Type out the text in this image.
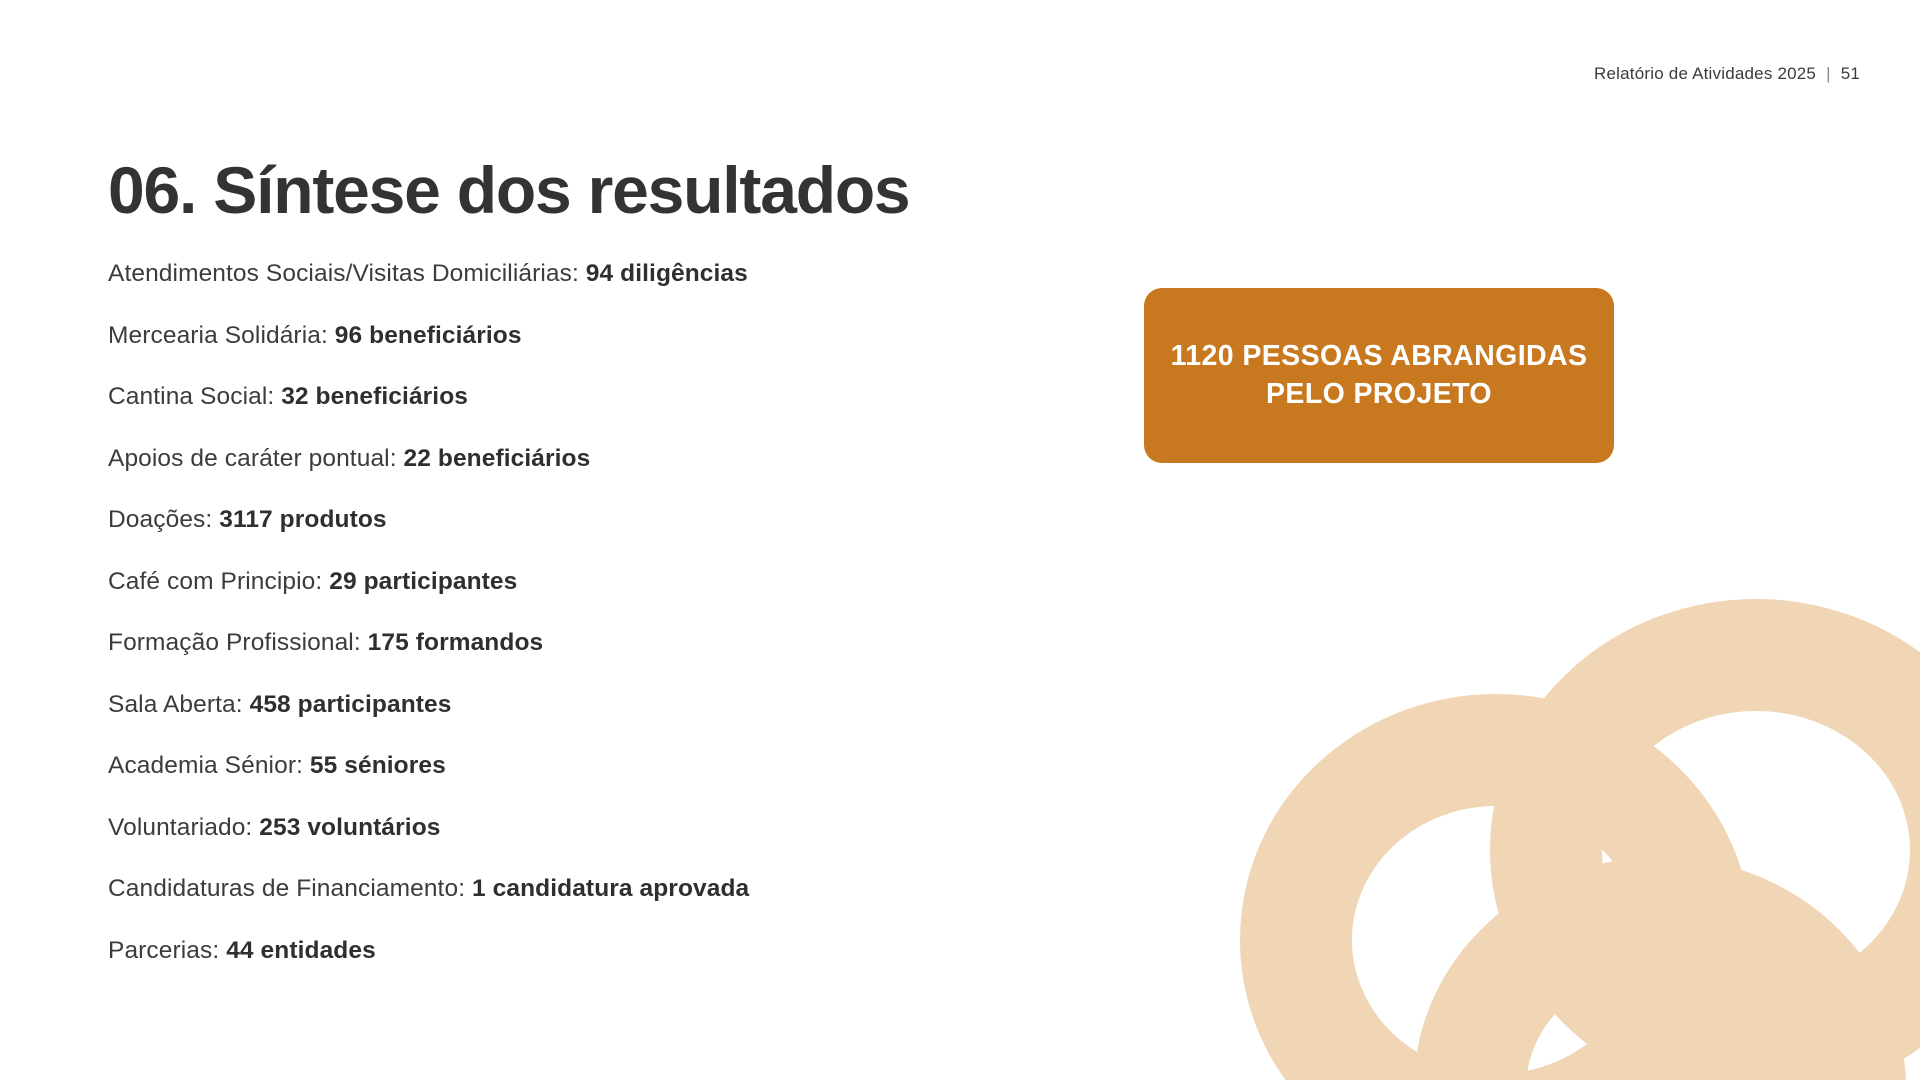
Relatório de Atividades 2025 | 51
06. Síntese dos resultados
Atendimentos Sociais/Visitas Domiciliárias: 94 diligências
Mercearia Solidária: 96 beneficiários
Cantina Social: 32 beneficiários
Apoios de caráter pontual: 22 beneficiários
Doações: 3117 produtos
Café com Principio: 29 participantes
Formação Profissional: 175 formandos
Sala Aberta: 458 participantes
Academia Sénior: 55 séniores
Voluntariado: 253 voluntários
Candidaturas de Financiamento: 1 candidatura aprovada
Parcerias: 44 entidades
1120 PESSOAS ABRANGIDAS PELO PROJETO
